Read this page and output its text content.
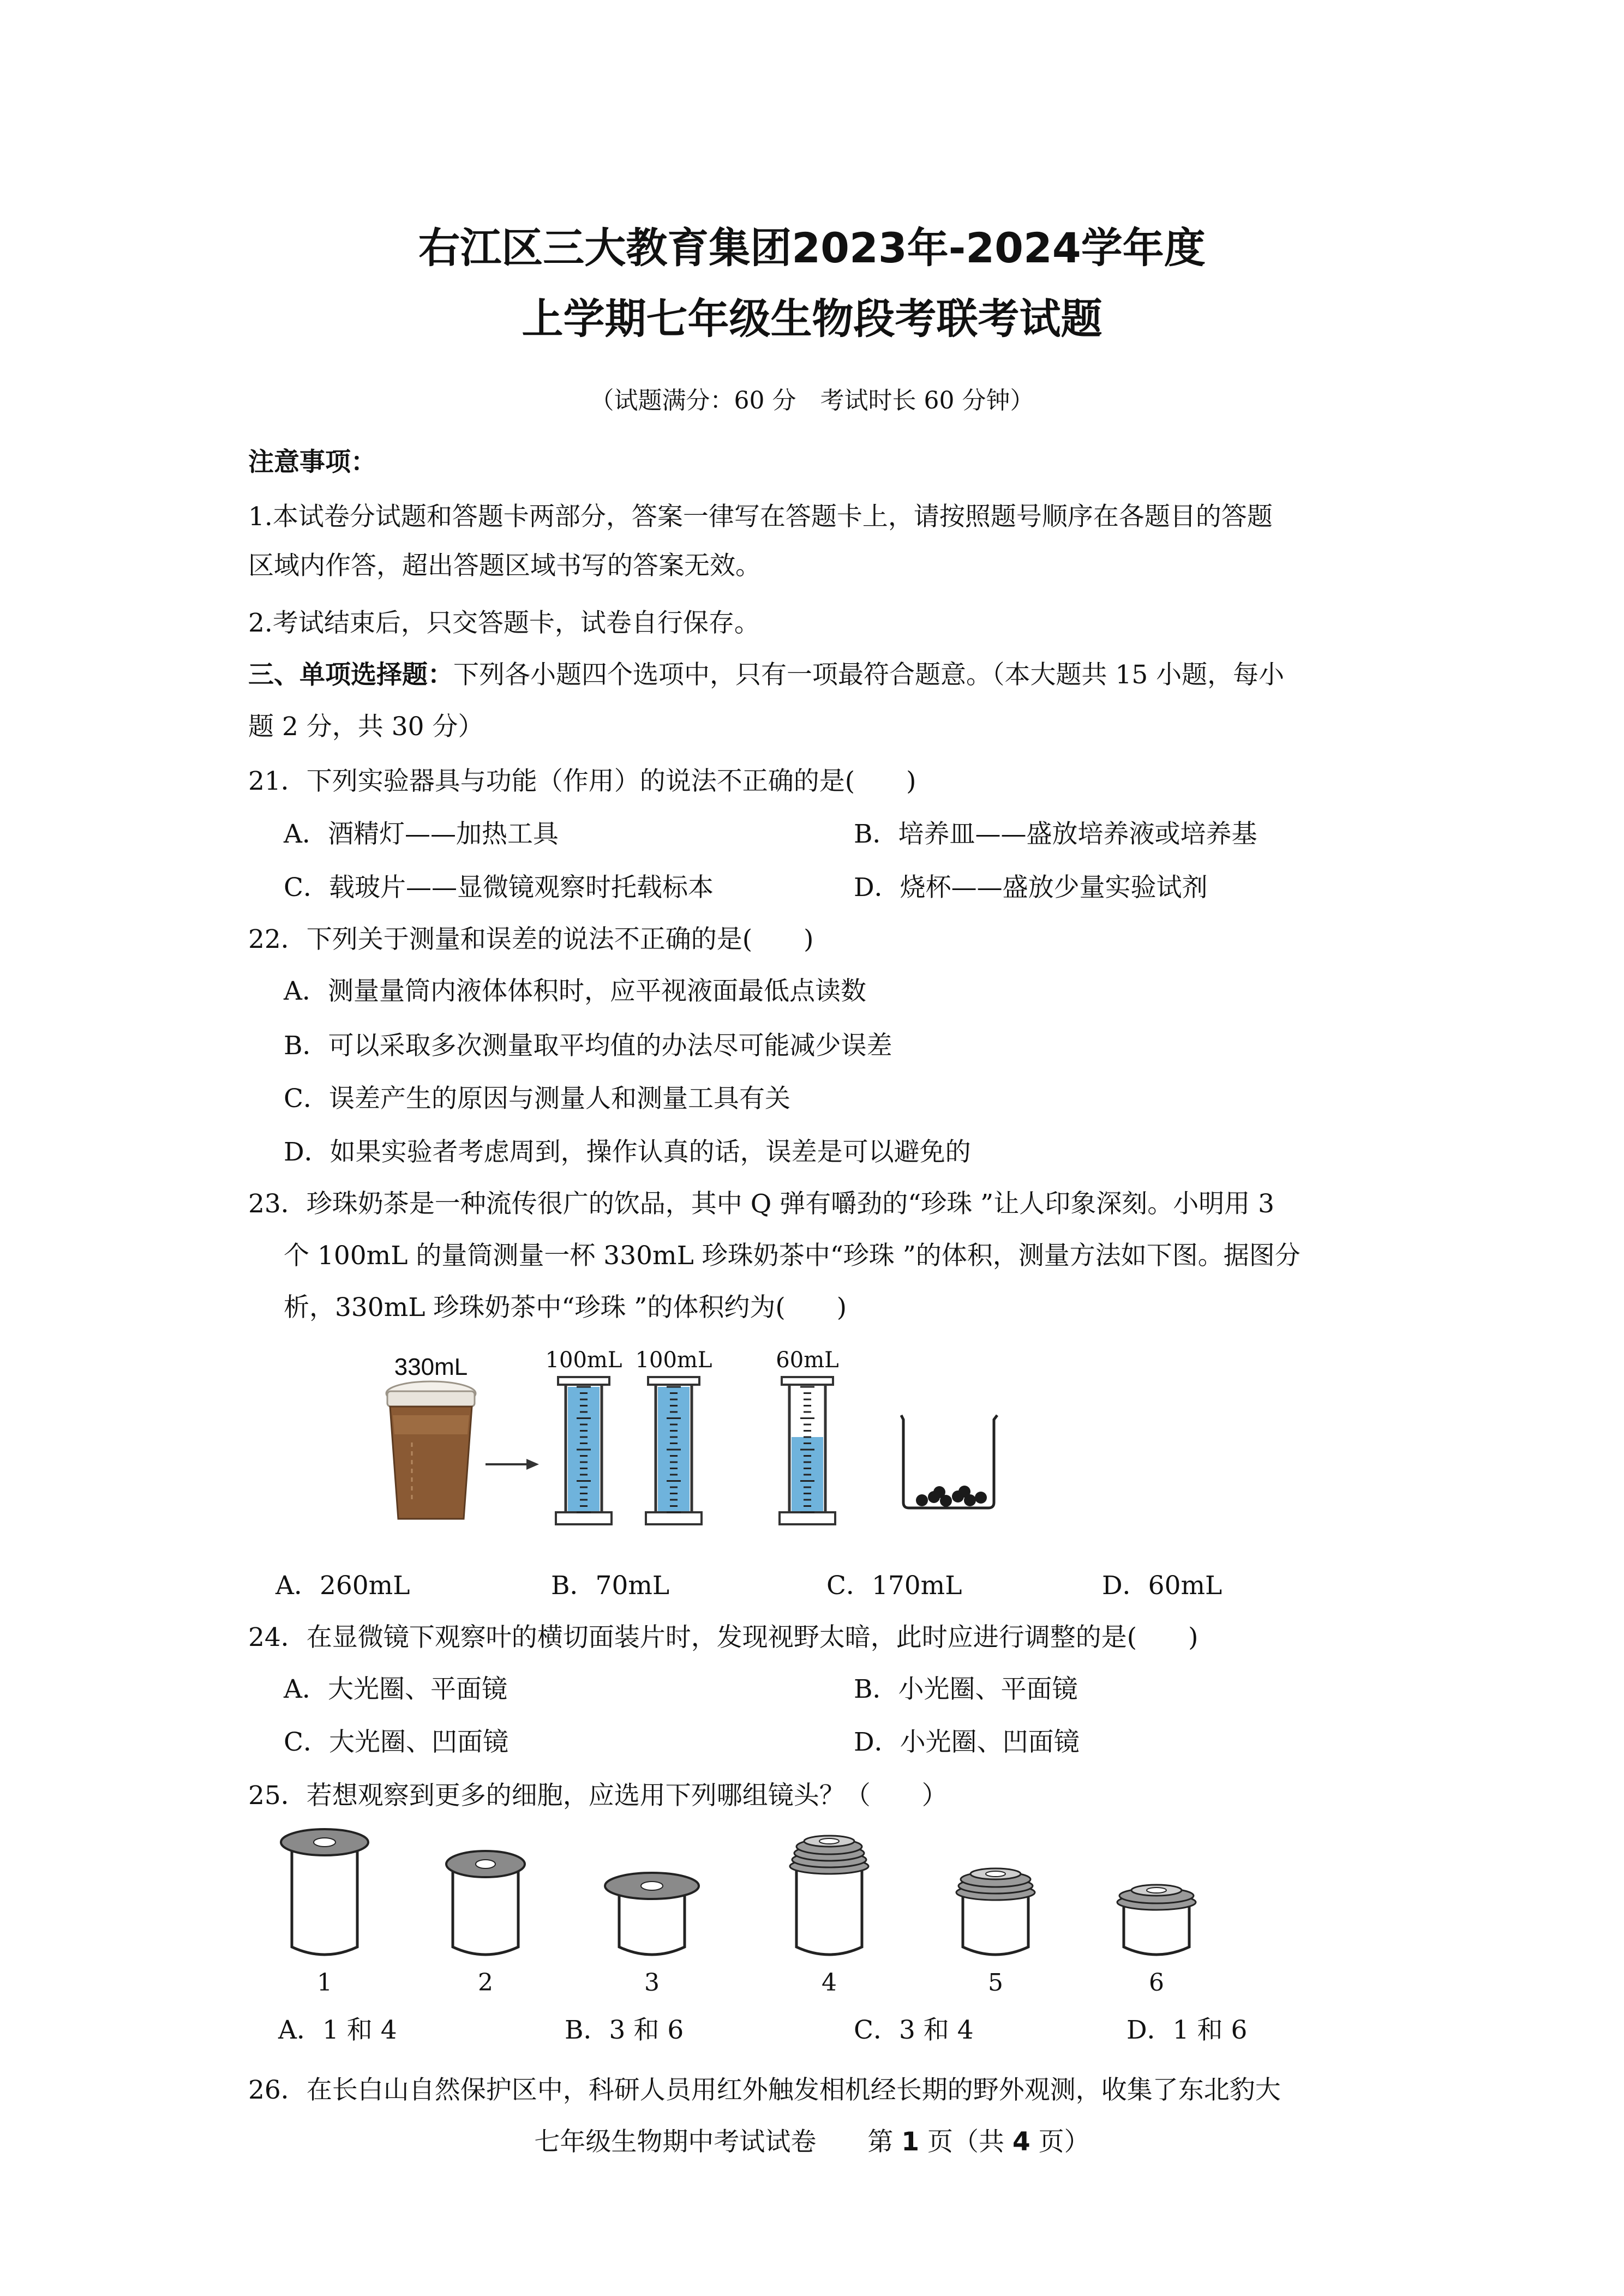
右江区三大教育集团2023年-2024学年度
上学期七年级生物段考联考试题

（试题满分：60 分　考试时长 60 分钟）

注意事项：

1.本试卷分试题和答题卡两部分，答案一律写在答题卡上，请按照题号顺序在各题目的答题

区域内作答，超出答题区域书写的答案无效。

2.考试结束后，只交答题卡，试卷自行保存。

三、单项选择题：下列各小题四个选项中，只有一项最符合题意。（本大题共 15 小题，每小

题 2 分，共 30 分）

21．下列实验器具与功能（作用）的说法不正确的是(　　)

A．酒精灯——加热工具	B．培养皿——盛放培养液或培养基

C．载玻片——显微镜观察时托载标本	D．烧杯——盛放少量实验试剂

22．下列关于测量和误差的说法不正确的是(　　)

A．测量量筒内液体体积时，应平视液面最低点读数

B．可以采取多次测量取平均值的办法尽可能减少误差

C．误差产生的原因与测量人和测量工具有关

D．如果实验者考虑周到，操作认真的话，误差是可以避免的

23．珍珠奶茶是一种流传很广的饮品，其中 Q 弹有嚼劲的“珍珠 ”让人印象深刻。小明用 3

个 100mL 的量筒测量一杯 330mL 珍珠奶茶中“珍珠 ”的体积，测量方法如下图。据图分

析，330mL 珍珠奶茶中“珍珠 ”的体积约为(　　)

330mL	100mL 100mL	60mL

A．260mL	B．70mL	C．170mL	D．60mL

24．在显微镜下观察叶的横切面装片时，发现视野太暗，此时应进行调整的是(　　)

A．大光圈、平面镜	B．小光圈、平面镜

C．大光圈、凹面镜	D．小光圈、凹面镜

25．若想观察到更多的细胞，应选用下列哪组镜头？（　　）

1	2	3	4	5	6

A．1 和 4	B．3 和 6	C．3 和 4	D．1 和 6

26．在长白山自然保护区中，科研人员用红外触发相机经长期的野外观测，收集了东北豹大

七年级生物期中考试试卷　　第 1 页（共 4 页）
